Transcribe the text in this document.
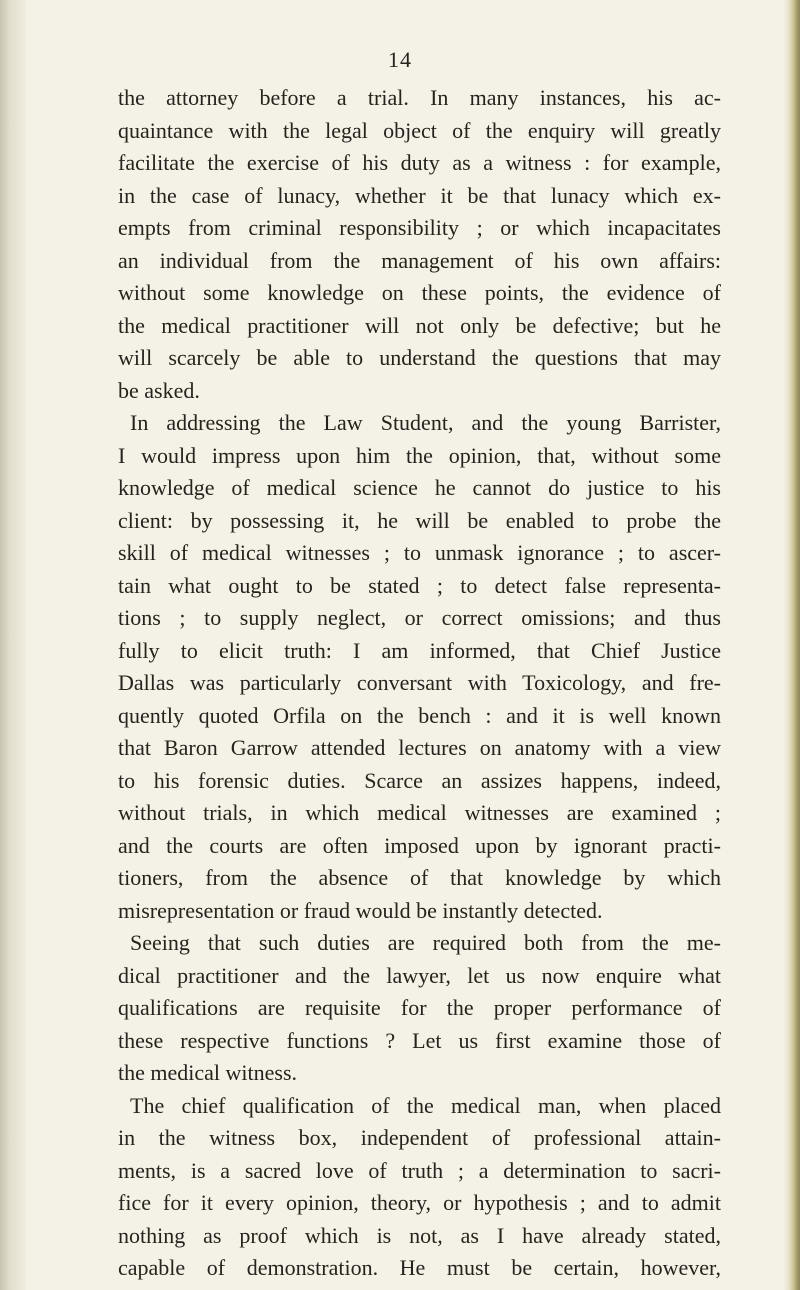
14
the attorney before a trial. In many instances, his ac-
quaintance with the legal object of the enquiry will greatly
facilitate the exercise of his duty as a witness : for example,
in the case of lunacy, whether it be that lunacy which ex-
empts from criminal responsibility ; or which incapacitates
an individual from the management of his own affairs:
without some knowledge on these points, the evidence of
the medical practitioner will not only be defective; but he
will scarcely be able to understand the questions that may
be asked.
In addressing the Law Student, and the young Barrister,
I would impress upon him the opinion, that, without some
knowledge of medical science he cannot do justice to his
client: by possessing it, he will be enabled to probe the
skill of medical witnesses ; to unmask ignorance ; to ascer-
tain what ought to be stated ; to detect false representa-
tions ; to supply neglect, or correct omissions; and thus
fully to elicit truth: I am informed, that Chief Justice
Dallas was particularly conversant with Toxicology, and fre-
quently quoted Orfila on the bench : and it is well known
that Baron Garrow attended lectures on anatomy with a view
to his forensic duties. Scarce an assizes happens, indeed,
without trials, in which medical witnesses are examined ;
and the courts are often imposed upon by ignorant practi-
tioners, from the absence of that knowledge by which
misrepresentation or fraud would be instantly detected.
Seeing that such duties are required both from the me-
dical practitioner and the lawyer, let us now enquire what
qualifications are requisite for the proper performance of
these respective functions ? Let us first examine those of
the medical witness.
The chief qualification of the medical man, when placed
in the witness box, independent of professional attain-
ments, is a sacred love of truth ; a determination to sacri-
fice for it every opinion, theory, or hypothesis ; and to admit
nothing as proof which is not, as I have already stated,
capable of demonstration. He must be certain, however,
